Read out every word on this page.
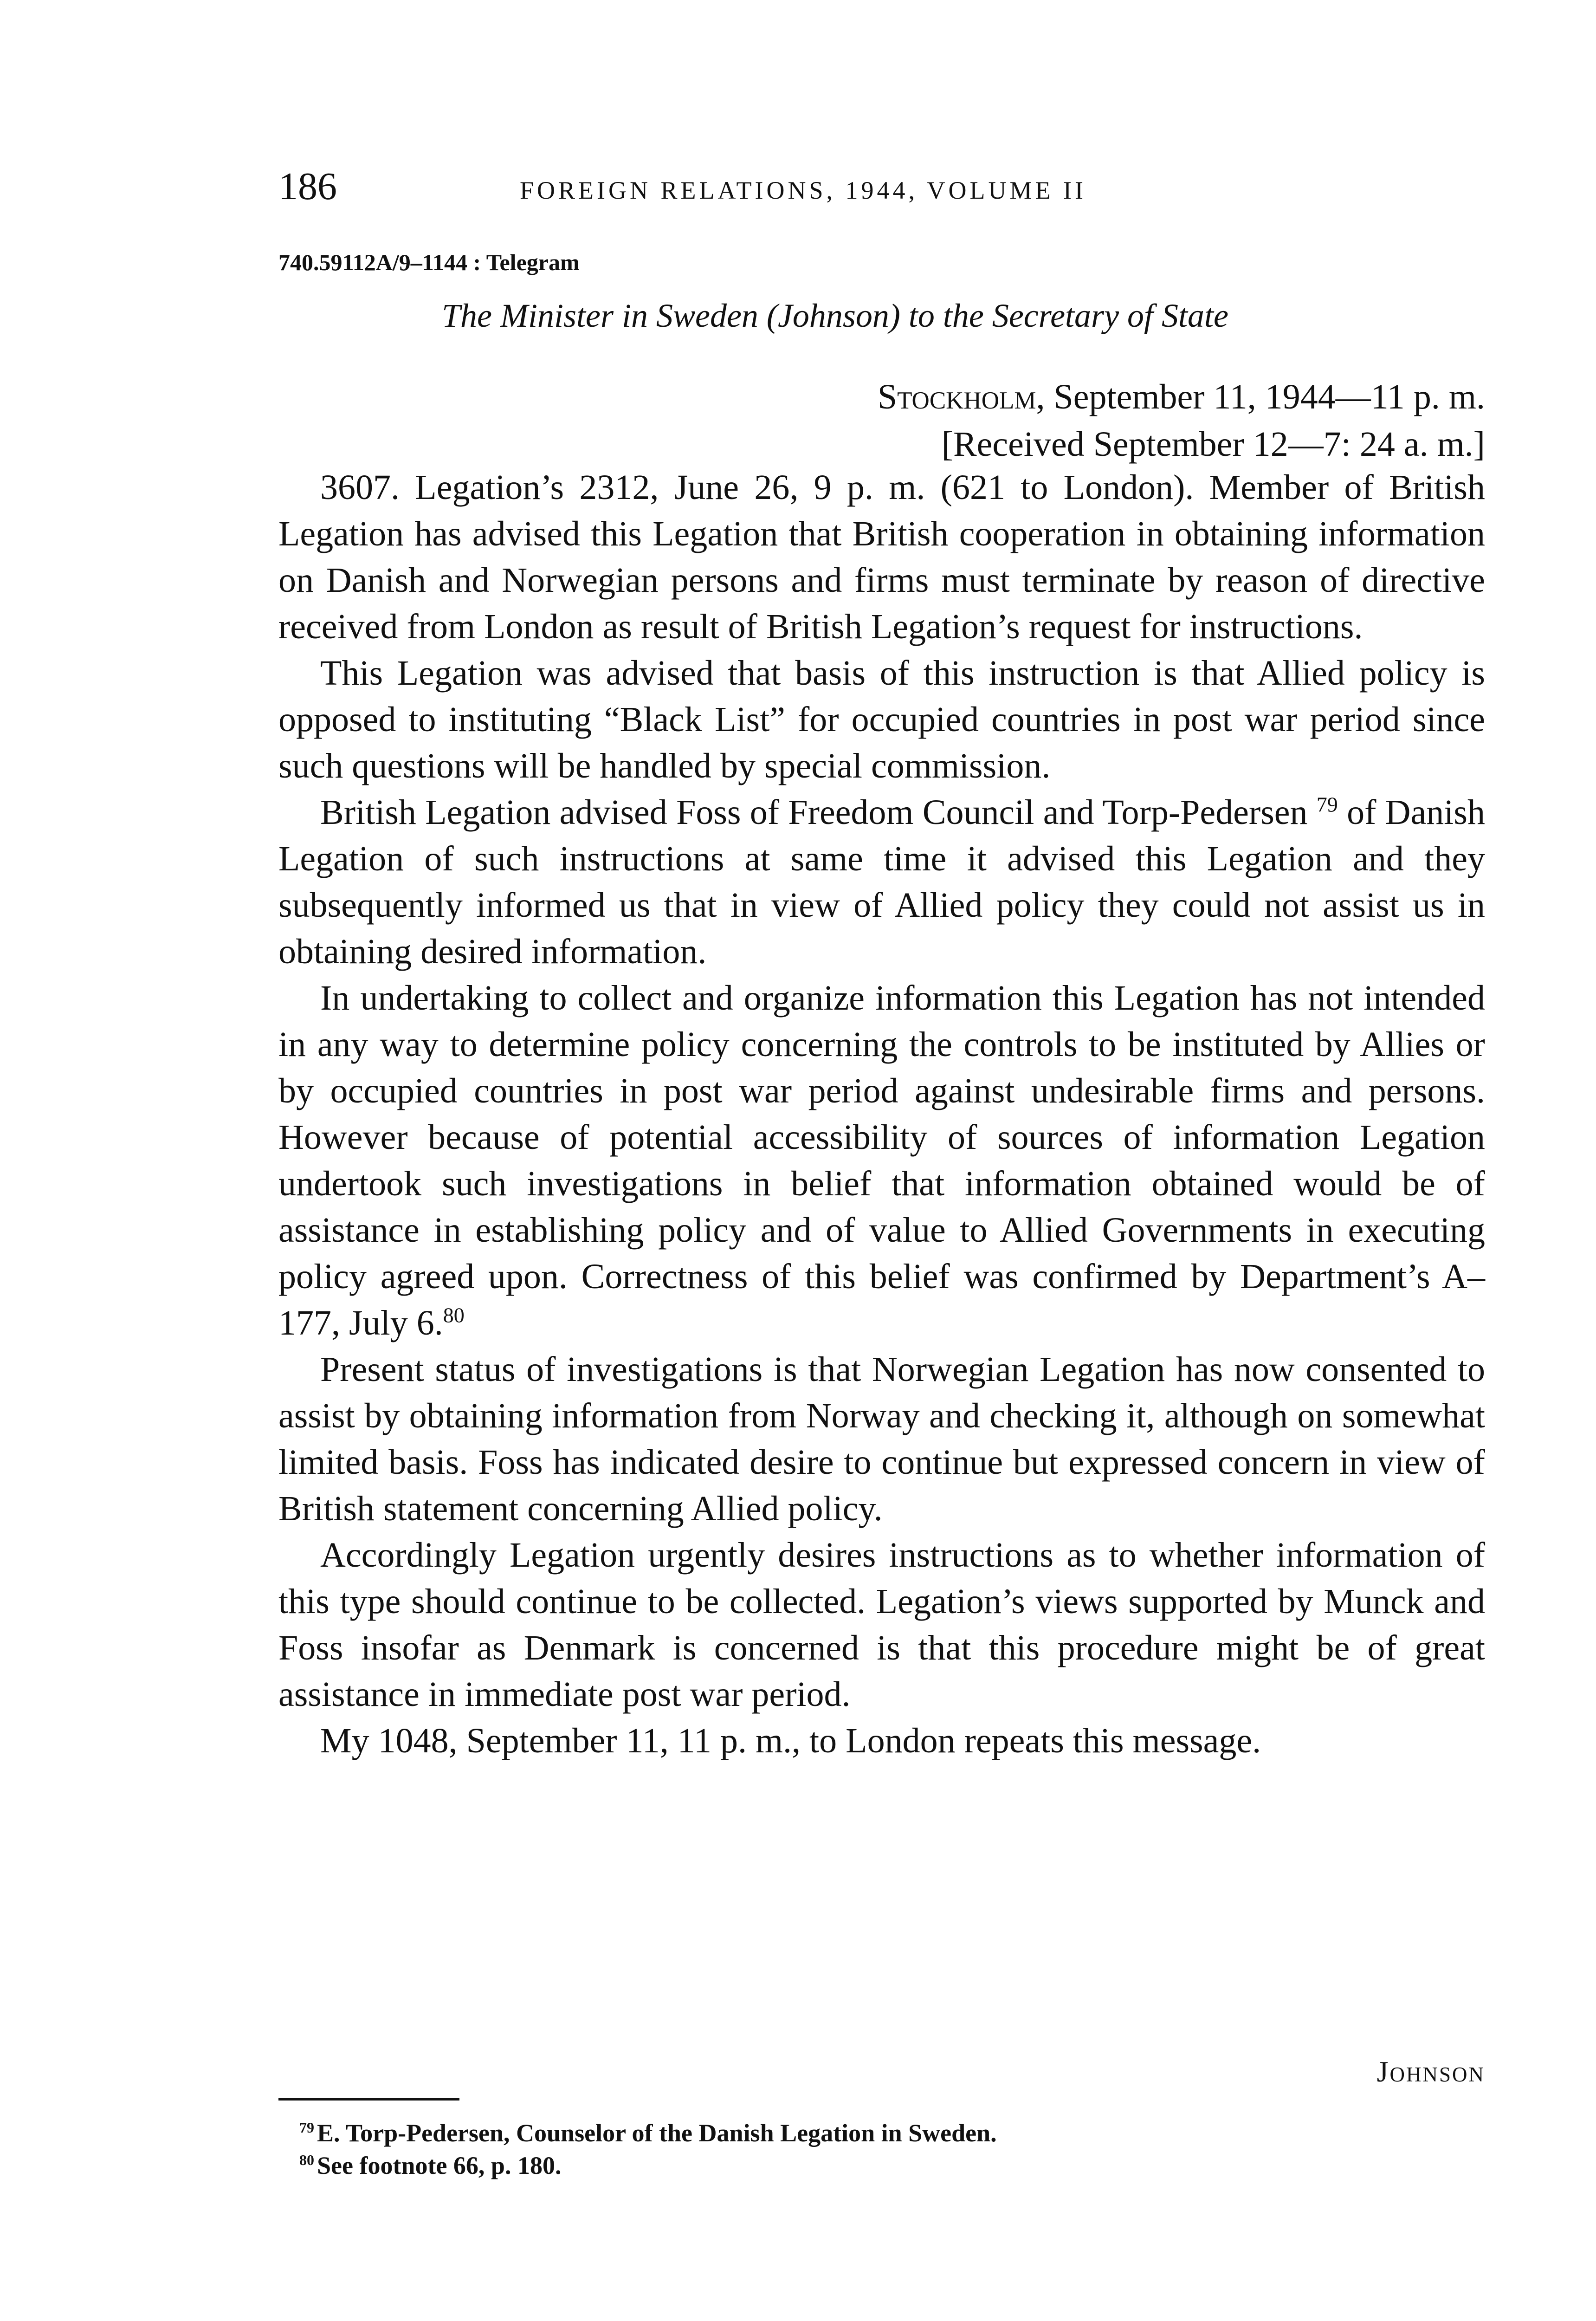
186	FOREIGN RELATIONS, 1944, VOLUME II
740.59112A/9–1144 : Telegram
The Minister in Sweden (Johnson) to the Secretary of State
Stockholm, September 11, 1944—11 p. m.
[Received September 12—7: 24 a. m.]

3607. Legation’s 2312, June 26, 9 p. m. (621 to London). Member of British Legation has advised this Legation that British cooperation in obtaining information on Danish and Norwegian persons and firms must terminate by reason of directive received from London as result of British Legation’s request for instructions.

This Legation was advised that basis of this instruction is that Allied policy is opposed to instituting “Black List” for occupied countries in post war period since such questions will be handled by special commission.

British Legation advised Foss of Freedom Council and Torp-Pedersen $^{79}$ of Danish Legation of such instructions at same time it advised this Legation and they subsequently informed us that in view of Allied policy they could not assist us in obtaining desired information.

In undertaking to collect and organize information this Legation has not intended in any way to determine policy concerning the controls to be instituted by Allies or by occupied countries in post war period against undesirable firms and persons. However because of potential accessibility of sources of information Legation undertook such investigations in belief that information obtained would be of assistance in establishing policy and of value to Allied Governments in executing policy agreed upon. Correctness of this belief was confirmed by Department’s A–177, July 6.80

Present status of investigations is that Norwegian Legation has now consented to assist by obtaining information from Norway and checking it, although on somewhat limited basis. Foss has indicated desire to continue but expressed concern in view of British statement concerning Allied policy.

Accordingly Legation urgently desires instructions as to whether information of this type should continue to be collected. Legation’s views supported by Munck and Foss insofar as Denmark is concerned is that this procedure might be of great assistance in immediate post war period.

My 1048, September 11, 11 p. m., to London repeats this message.

Johnson
$^{79}$ E. Torp-Pedersen, Counselor of the Danish Legation in Sweden.
$^{80}$ See footnote 66, p. 180.
